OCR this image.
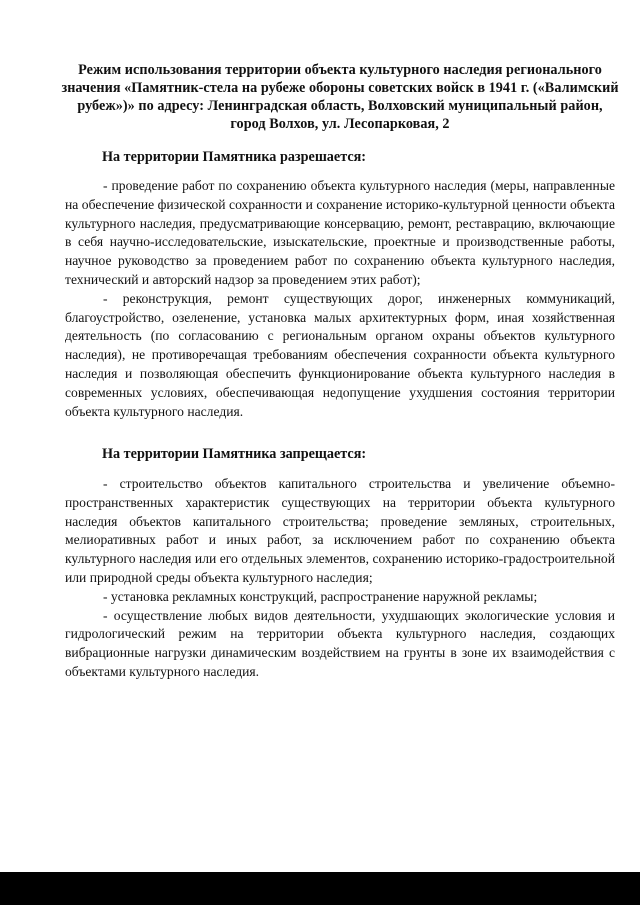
Режим использования территории объекта культурного наследия регионального значения «Памятник-стела на рубеже обороны советских войск в 1941 г. («Валимский рубеж»)» по адресу: Ленинградская область, Волховский муниципальный район, город Волхов, ул. Лесопарковая, 2
На территории Памятника разрешается:

- проведение работ по сохранению объекта культурного наследия (меры, направленные на обеспечение физической сохранности и сохранение историко-культурной ценности объекта культурного наследия, предусматривающие консервацию, ремонт, реставрацию, включающие в себя научно-исследовательские, изыскательские, проектные и производственные работы, научное руководство за проведением работ по сохранению объекта культурного наследия, технический и авторский надзор за проведением этих работ);

- реконструкция, ремонт существующих дорог, инженерных коммуникаций, благоустройство, озеленение, установка малых архитектурных форм, иная хозяйственная деятельность (по согласованию с региональным органом охраны объектов культурного наследия), не противоречащая требованиям обеспечения сохранности объекта культурного наследия и позволяющая обеспечить функционирование объекта культурного наследия в современных условиях, обеспечивающая недопущение ухудшения состояния территории объекта культурного наследия.

На территории Памятника запрещается:

- строительство объектов капитального строительства и увеличение объемно-пространственных характеристик существующих на территории объекта культурного наследия объектов капитального строительства; проведение земляных, строительных, мелиоративных работ и иных работ, за исключением работ по сохранению объекта культурного наследия или его отдельных элементов, сохранению историко-градостроительной или природной среды объекта культурного наследия;

- установка рекламных конструкций, распространение наружной рекламы;

- осуществление любых видов деятельности, ухудшающих экологические условия и гидрологический режим на территории объекта культурного наследия, создающих вибрационные нагрузки динамическим воздействием на грунты в зоне их взаимодействия с объектами культурного наследия.
